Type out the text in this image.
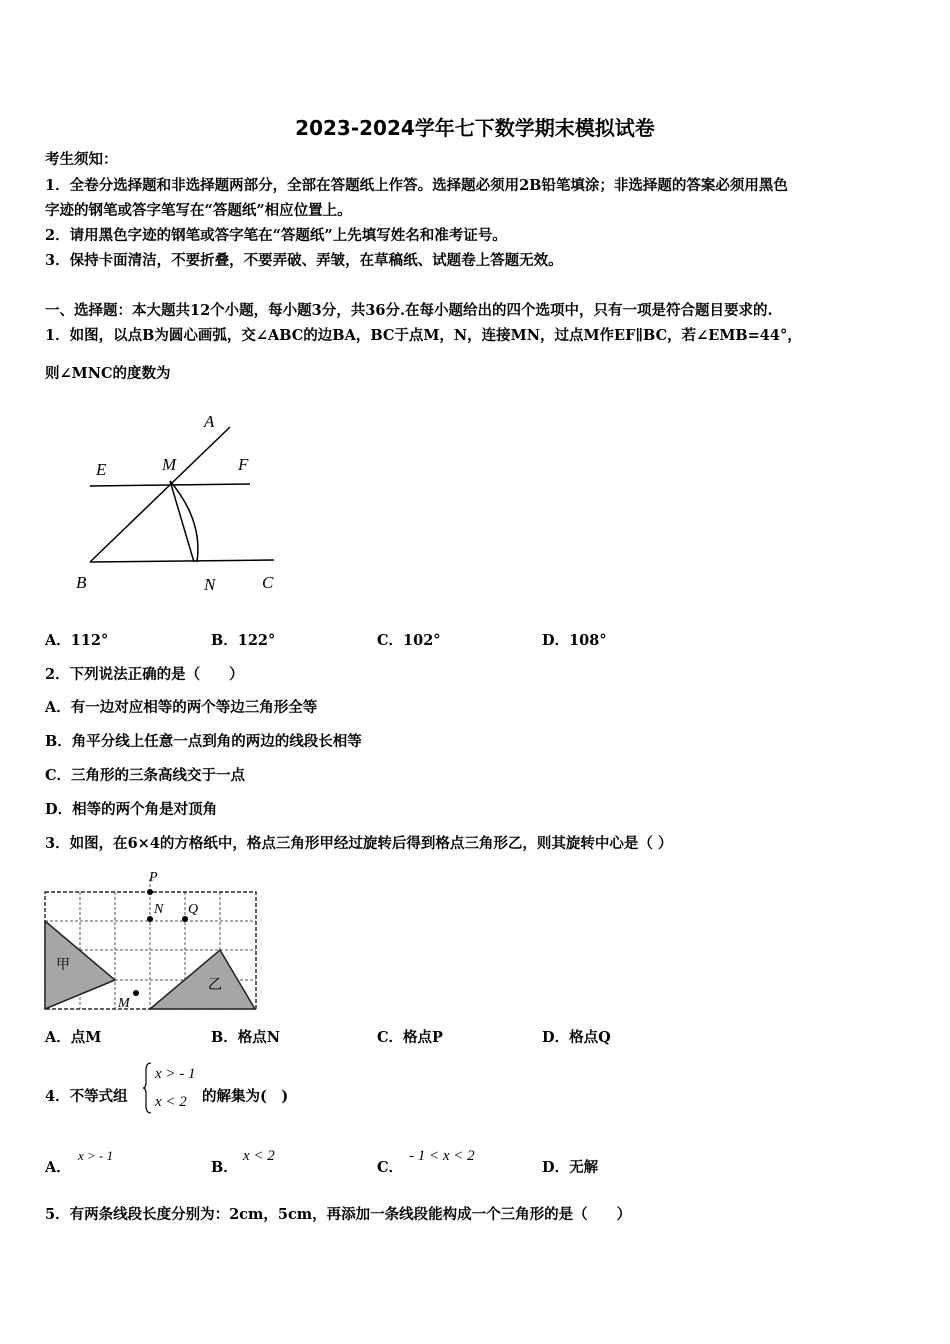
2023-2024学年七下数学期末模拟试卷
考生须知：
1．全卷分选择题和非选择题两部分，全部在答题纸上作答。选择题必须用2B铅笔填涂；非选择题的答案必须用黑色
字迹的钢笔或答字笔写在“答题纸”相应位置上。
2．请用黑色字迹的钢笔或答字笔在“答题纸”上先填写姓名和准考证号。
3．保持卡面清洁，不要折叠，不要弄破、弄皱，在草稿纸、试题卷上答题无效。
一、选择题：本大题共12个小题，每小题3分，共36分.在每小题给出的四个选项中，只有一项是符合题目要求的.
1．如图，以点B为圆心画弧，交∠ABC的边BA，BC于点M，N，连接MN，过点M作EF∥BC，若∠EMB=44°，
则∠MNC的度数为
A
E	M	F
B	N	C
A．112°	B．122°	C．102°	D．108°
2．下列说法正确的是（　　）
A．有一边对应相等的两个等边三角形全等
B．角平分线上任意一点到角的两边的线段长相等
C．三角形的三条高线交于一点
D．相等的两个角是对顶角
3．如图，在6×4的方格纸中，格点三角形甲经过旋转后得到格点三角形乙，则其旋转中心是（ ）
P
N Q
M
甲
乙
A．点M	B．格点N	C．格点P	D．格点Q
4．不等式组
x > - 1
x < 2 的解集为(　)
A．
x > - 1
B．
x < 2
C．
- 1 < x < 2
D．无解
5．有两条线段长度分别为：2cm，5cm，再添加一条线段能构成一个三角形的是（　　）
